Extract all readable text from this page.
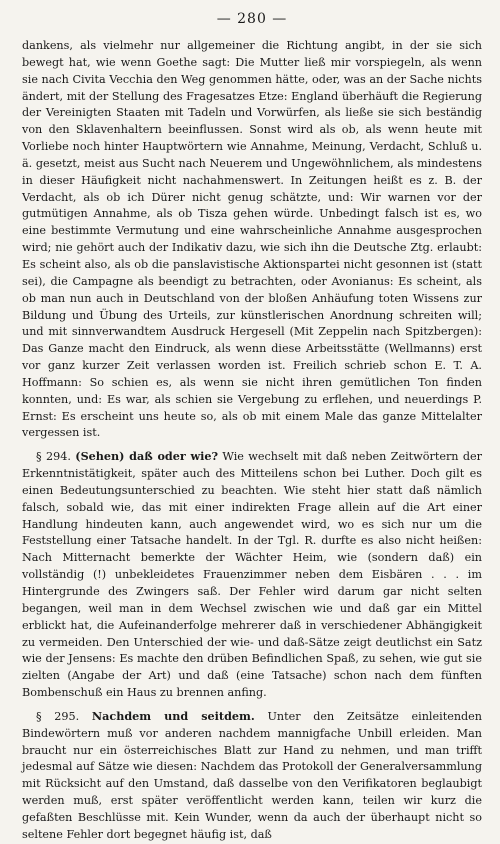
— 280 —

dankens, als vielmehr nur allgemeiner die Richtung angibt, in der sie sich bewegt hat, wie wenn Goethe sagt: Die Mutter ließ mir vorspiegeln, als wenn sie nach Civita Vecchia den Weg genommen hätte, oder, was an der Sache nichts ändert, mit der Stellung des Fragesatzes Etze: England überhäuft die Regierung der Vereinigten Staaten mit Tadeln und Vorwürfen, als ließe sie sich beständig von den Sklavenhaltern beeinflussen. Sonst wird als ob, als wenn heute mit Vorliebe noch hinter Hauptwörtern wie Annahme, Meinung, Verdacht, Schluß u. ä. gesetzt, meist aus Sucht nach Neuerem und Ungewöhnlichem, als mindestens in dieser Häufigkeit nicht nachahmenswert. In Zeitungen heißt es z. B. der Verdacht, als ob ich Dürer nicht genug schätzte, und: Wir warnen vor der gutmütigen Annahme, als ob Tisza gehen würde. Unbedingt falsch ist es, wo eine bestimmte Vermutung und eine wahrscheinliche Annahme ausgesprochen wird; nie gehört auch der Indikativ dazu, wie sich ihn die Deutsche Ztg. erlaubt: Es scheint also, als ob die panslavistische Aktionspartei nicht gesonnen ist (statt sei), die Campagne als beendigt zu betrachten, oder Avonianus: Es scheint, als ob man nun auch in Deutschland von der bloßen Anhäufung toten Wissens zur Bildung und Übung des Urteils, zur künstlerischen Anordnung schreiten will; und mit sinnverwandtem Ausdruck Hergesell (Mit Zeppelin nach Spitzbergen): Das Ganze macht den Eindruck, als wenn diese Arbeitsstätte (Wellmanns) erst vor ganz kurzer Zeit verlassen worden ist. Freilich schrieb schon E. T. A. Hoffmann: So schien es, als wenn sie nicht ihren gemütlichen Ton finden konnten, und: Es war, als schien sie Vergebung zu erflehen, und neuerdings P. Ernst: Es erscheint uns heute so, als ob mit einem Male das ganze Mittelalter vergessen ist.

§ 294. (Sehen) daß oder wie? Wie wechselt mit daß neben Zeitwörtern der Erkenntnistätigkeit, später auch des Mitteilens schon bei Luther. Doch gilt es einen Bedeutungsunterschied zu beachten. Wie steht hier statt daß nämlich falsch, sobald wie, das mit einer indirekten Frage allein auf die Art einer Handlung hindeuten kann, auch angewendet wird, wo es sich nur um die Feststellung einer Tatsache handelt. In der Tgl. R. durfte es also nicht heißen: Nach Mitternacht bemerkte der Wächter Heim, wie (sondern daß) ein vollständig (!) unbekleidetes Frauenzimmer neben dem Eisbären . . . im Hintergrunde des Zwingers saß. Der Fehler wird darum gar nicht selten begangen, weil man in dem Wechsel zwischen wie und daß gar ein Mittel erblickt hat, die Aufeinanderfolge mehrerer daß in verschiedener Abhängigkeit zu vermeiden. Den Unterschied der wie- und daß-Sätze zeigt deutlichst ein Satz wie der Jensens: Es machte den drüben Befindlichen Spaß, zu sehen, wie gut sie zielten (Angabe der Art) und daß (eine Tatsache) schon nach dem fünften Bombenschuß ein Haus zu brennen anfing.

§ 295. Nachdem und seitdem. Unter den Zeitsätze einleitenden Bindewörtern muß vor anderen nachdem mannigfache Unbill erleiden. Man braucht nur ein österreichisches Blatt zur Hand zu nehmen, und man trifft jedesmal auf Sätze wie diesen: Nachdem das Protokoll der Generalversammlung mit Rücksicht auf den Umstand, daß dasselbe von den Verifikatoren beglaubigt werden muß, erst später veröffentlicht werden kann, teilen wir kurz die gefaßten Beschlüsse mit. Kein Wunder, wenn da auch der überhaupt nicht so seltene Fehler dort begegnet häufig ist, daß
